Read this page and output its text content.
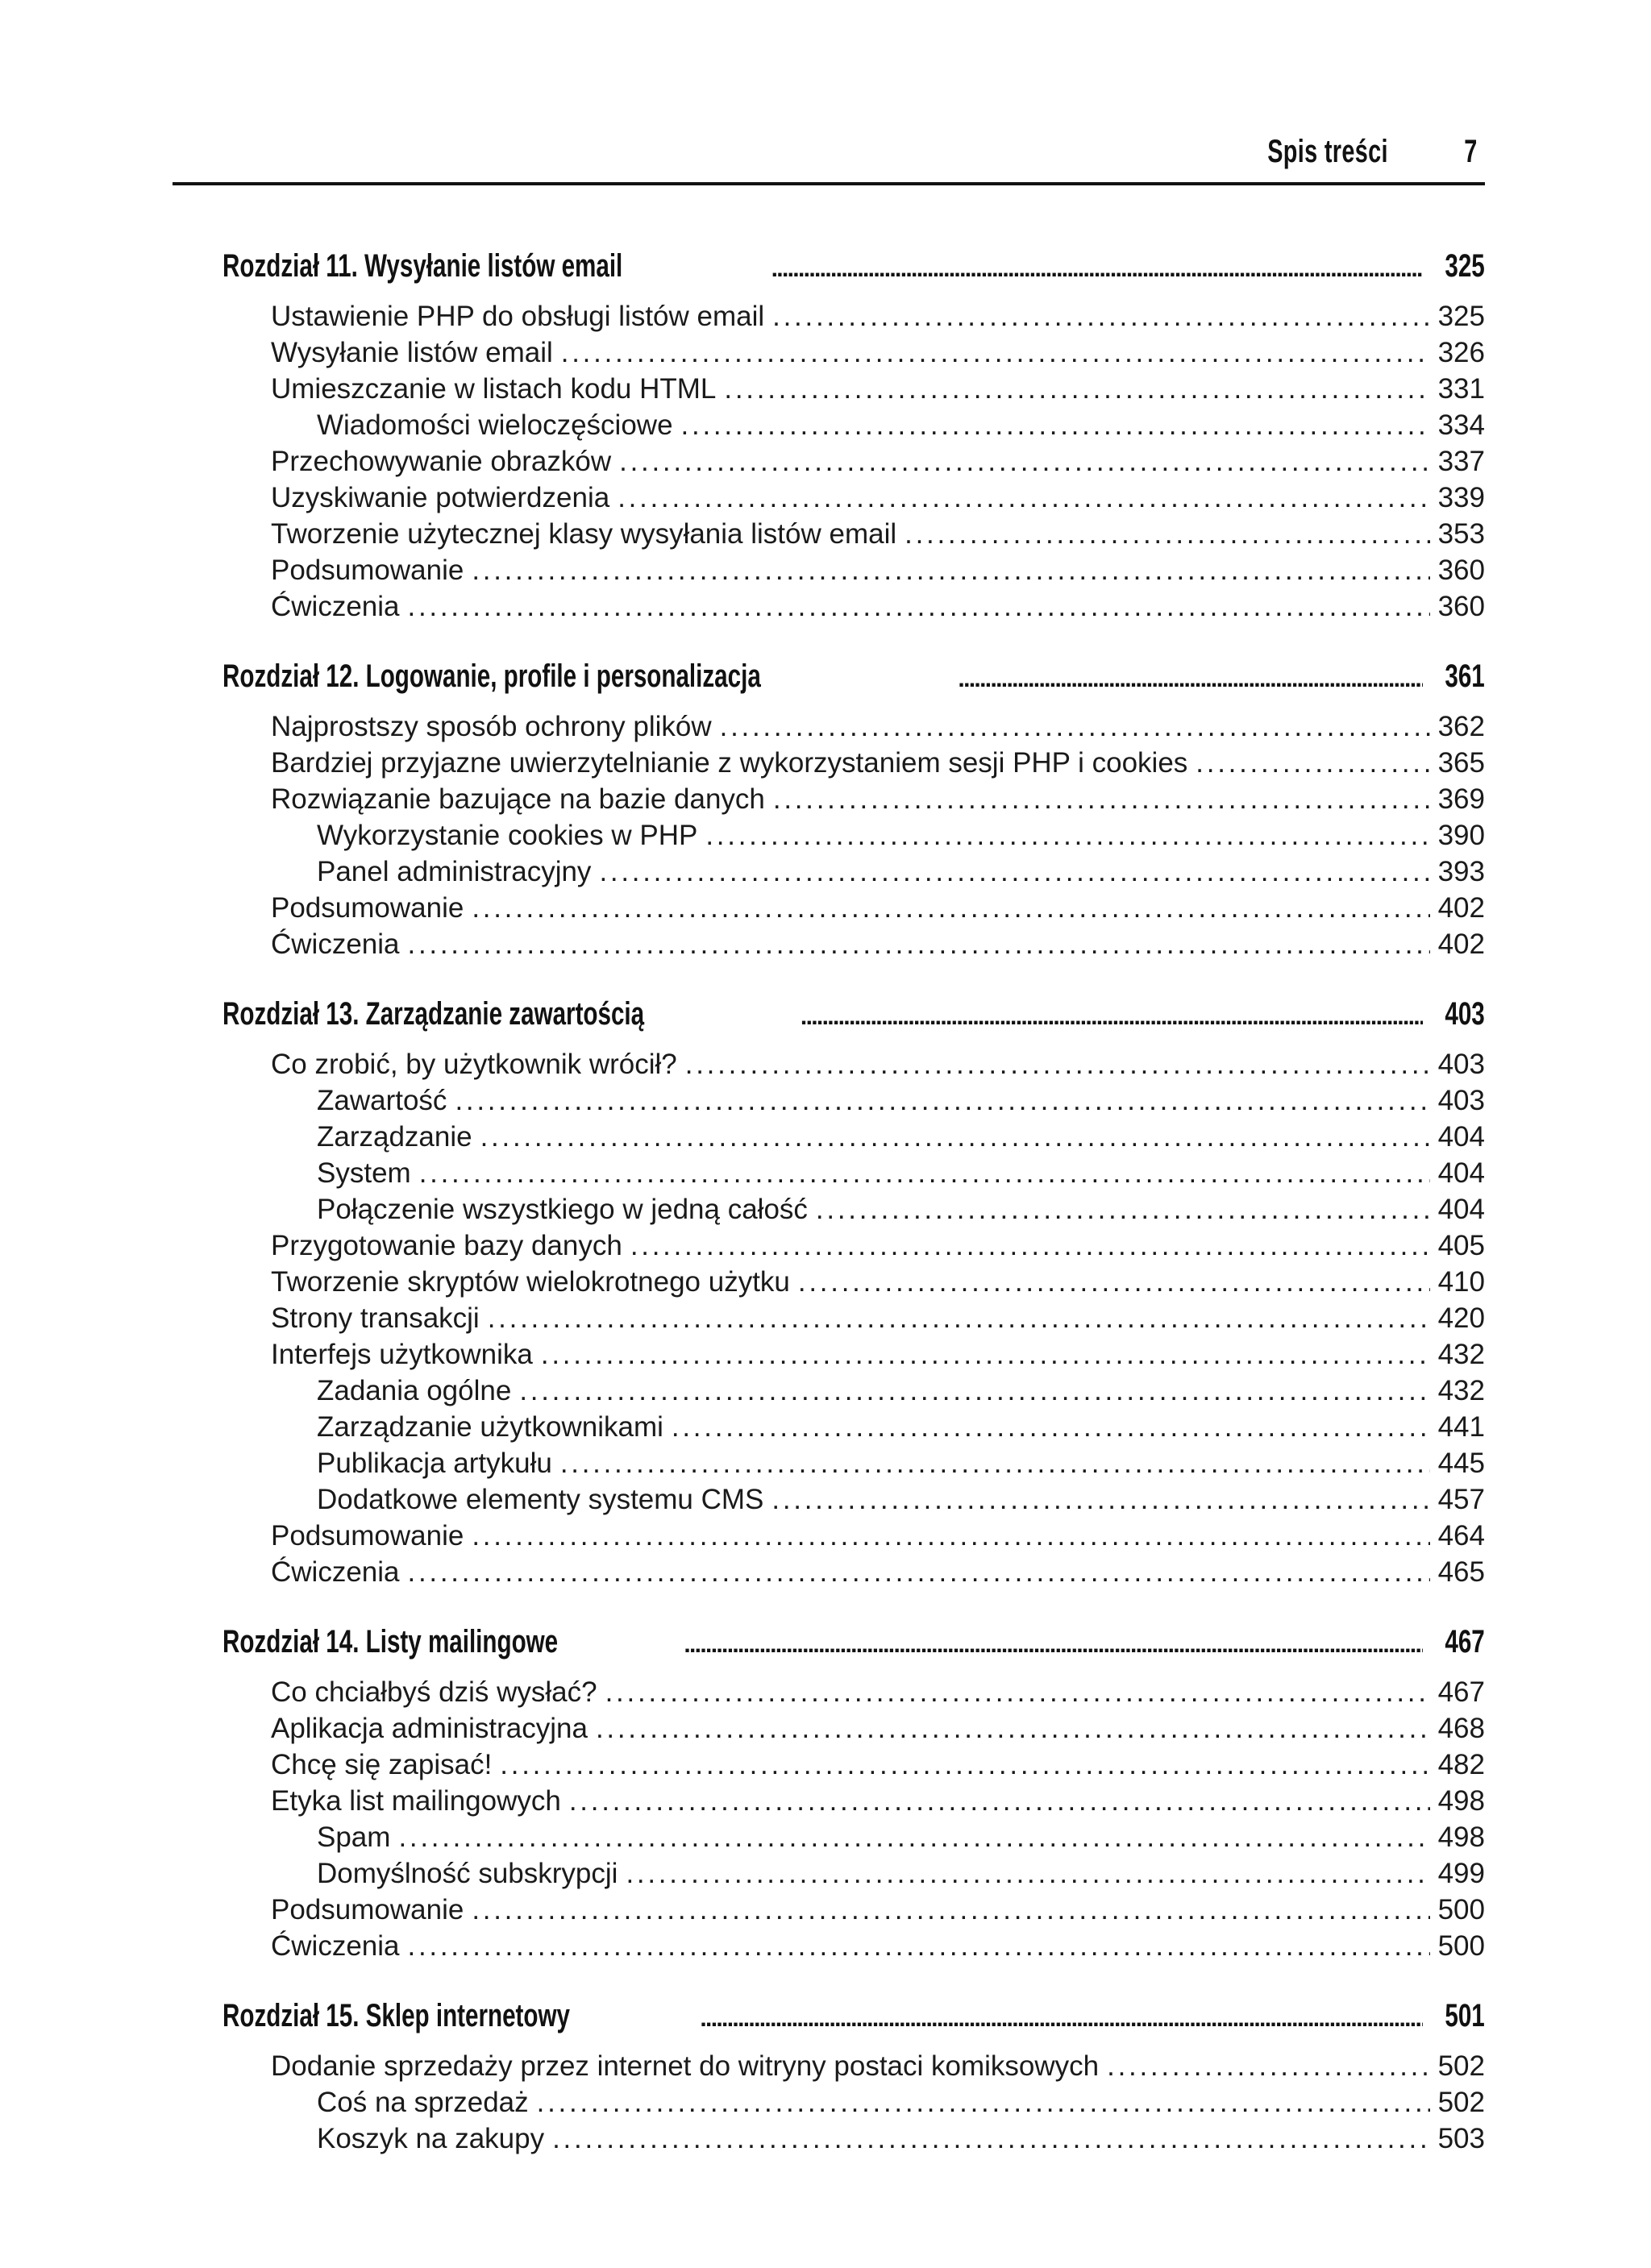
Spis treści 7
Rozdział 11. Wysyłanie listów email . . .	325
Ustawienie PHP do obsługi listów email . . .	325
Wysyłanie listów email . . .	326
Umieszczanie w listach kodu HTML . . .	331
Wiadomości wieloczęściowe . . .	334
Przechowywanie obrazków . . .	337
Uzyskiwanie potwierdzenia . . .	339
Tworzenie użytecznej klasy wysyłania listów email . . .	353
Podsumowanie . . .	360
Ćwiczenia . . .	360
Rozdział 12. Logowanie, profile i personalizacja . . .	361
Najprostszy sposób ochrony plików . . .	362
Bardziej przyjazne uwierzytelnianie z wykorzystaniem sesji PHP i cookies . . .	365
Rozwiązanie bazujące na bazie danych . . .	369
Wykorzystanie cookies w PHP . . .	390
Panel administracyjny . . .	393
Podsumowanie . . .	402
Ćwiczenia . . .	402
Rozdział 13. Zarządzanie zawartością . . .	403
Co zrobić, by użytkownik wrócił? . . .	403
Zawartość . . .	403
Zarządzanie . . .	404
System . . .	404
Połączenie wszystkiego w jedną całość . . .	404
Przygotowanie bazy danych . . .	405
Tworzenie skryptów wielokrotnego użytku . . .	410
Strony transakcji . . .	420
Interfejs użytkownika . . .	432
Zadania ogólne . . .	432
Zarządzanie użytkownikami . . .	441
Publikacja artykułu . . .	445
Dodatkowe elementy systemu CMS . . .	457
Podsumowanie . . .	464
Ćwiczenia . . .	465
Rozdział 14. Listy mailingowe . . .	467
Co chciałbyś dziś wysłać? . . .	467
Aplikacja administracyjna . . .	468
Chcę się zapisać! . . .	482
Etyka list mailingowych . . .	498
Spam . . .	498
Domyślność subskrypcji . . .	499
Podsumowanie . . .	500
Ćwiczenia . . .	500
Rozdział 15. Sklep internetowy . . .	501
Dodanie sprzedaży przez internet do witryny postaci komiksowych . . .	502
Coś na sprzedaż . . .	502
Koszyk na zakupy . . .	503
